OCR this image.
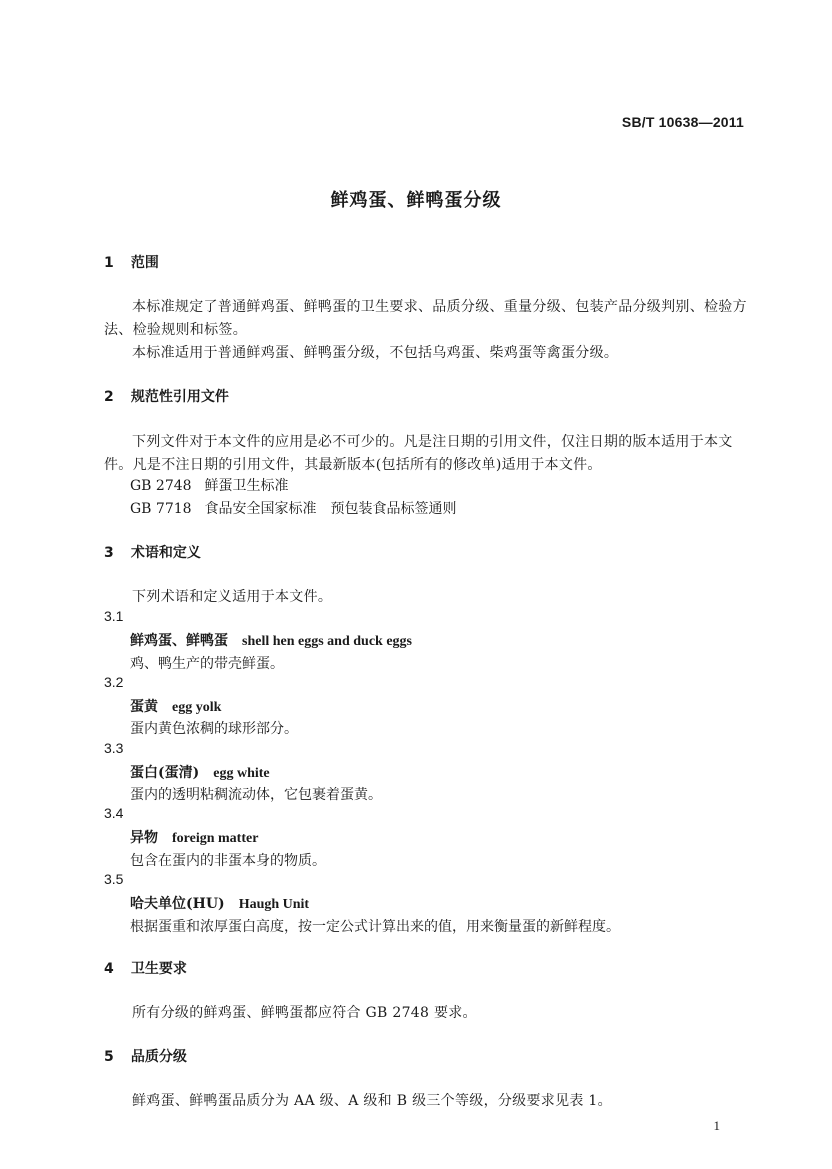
SB/T 10638—2011
鲜鸡蛋、鲜鸭蛋分级
1 范围
本标准规定了普通鲜鸡蛋、鲜鸭蛋的卫生要求、品质分级、重量分级、包装产品分级判别、检验方法、检验规则和标签。
本标准适用于普通鲜鸡蛋、鲜鸭蛋分级，不包括乌鸡蛋、柴鸡蛋等禽蛋分级。
2 规范性引用文件
下列文件对于本文件的应用是必不可少的。凡是注日期的引用文件，仅注日期的版本适用于本文件。凡是不注日期的引用文件，其最新版本(包括所有的修改单)适用于本文件。
GB 2748 鲜蛋卫生标准
GB 7718 食品安全国家标准　预包装食品标签通则
3 术语和定义
下列术语和定义适用于本文件。
3.1
鲜鸡蛋、鲜鸭蛋 shell hen eggs and duck eggs
鸡、鸭生产的带壳鲜蛋。
3.2
蛋黄 egg yolk
蛋内黄色浓稠的球形部分。
3.3
蛋白(蛋清) egg white
蛋内的透明粘稠流动体，它包裹着蛋黄。
3.4
异物 foreign matter
包含在蛋内的非蛋本身的物质。
3.5
哈夫单位(HU) Haugh Unit
根据蛋重和浓厚蛋白高度，按一定公式计算出来的值，用来衡量蛋的新鲜程度。
4 卫生要求
所有分级的鲜鸡蛋、鲜鸭蛋都应符合 GB 2748 要求。
5 品质分级
鲜鸡蛋、鲜鸭蛋品质分为 AA 级、A 级和 B 级三个等级，分级要求见表 1。
1
